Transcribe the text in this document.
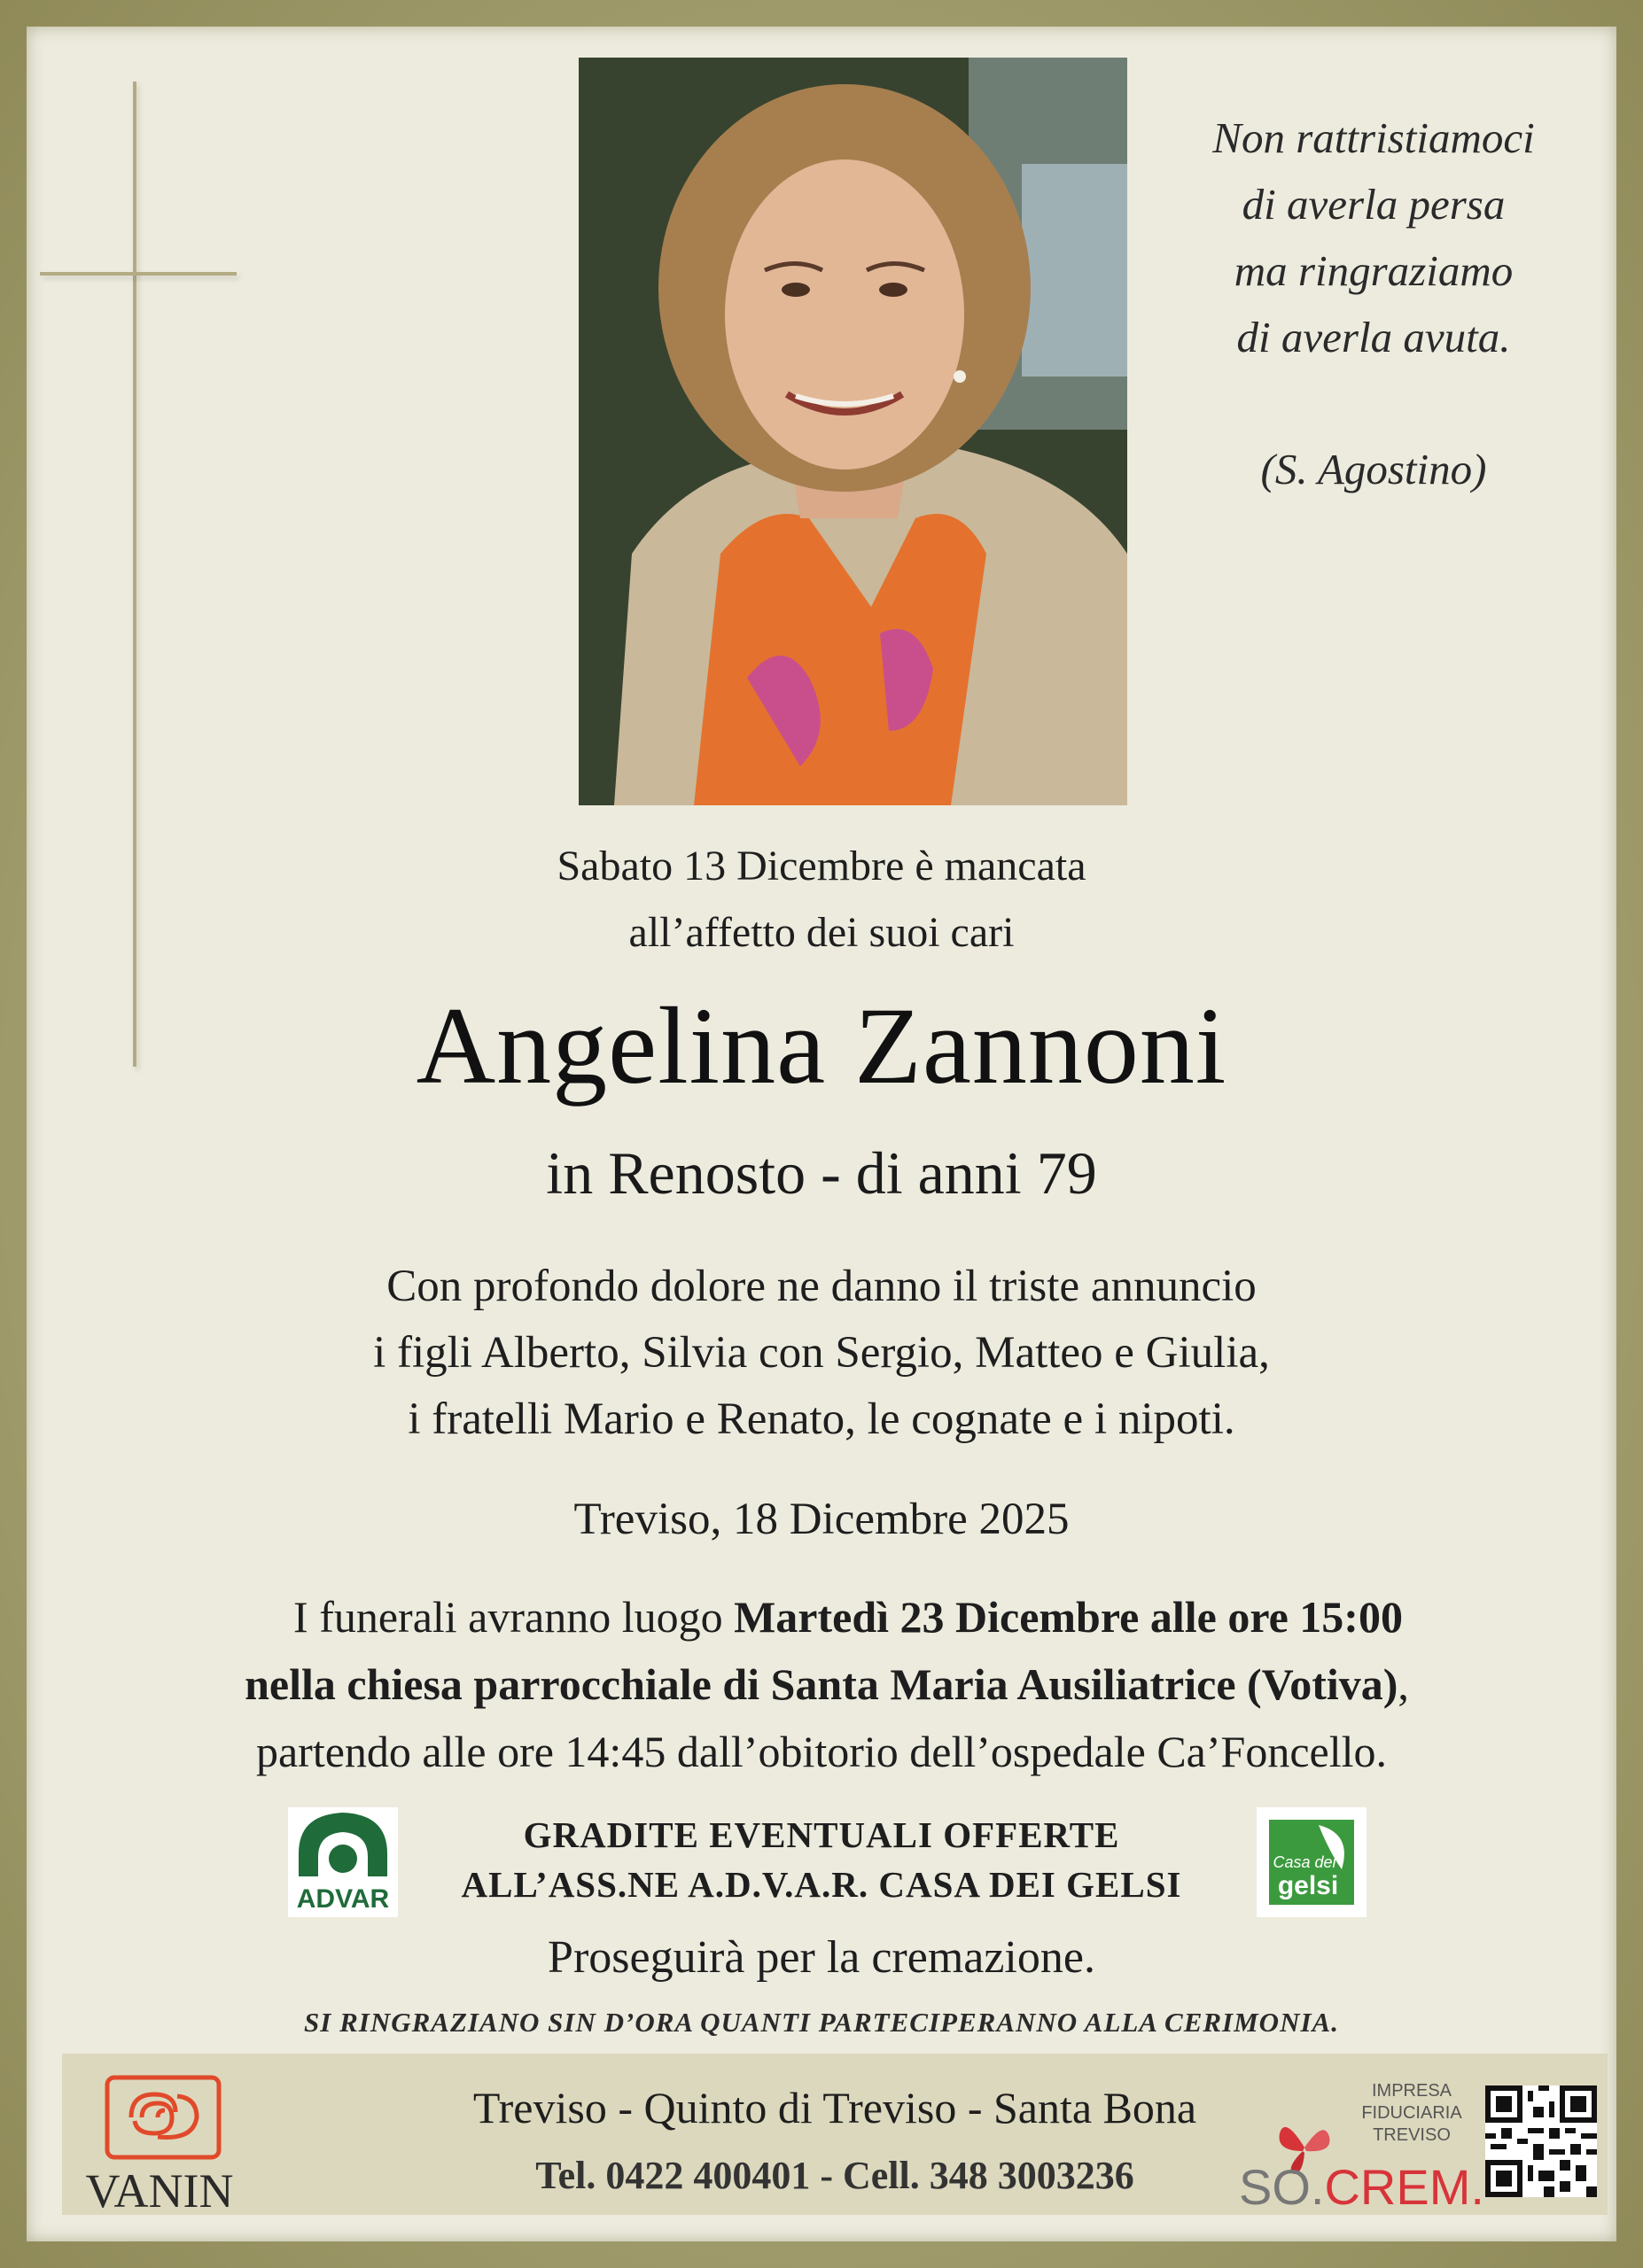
Non rattristiamoci
di averla persa
ma ringraziamo
di averla avuta.
(S. Agostino)
Sabato 13 Dicembre è mancata
all’affetto dei suoi cari
Angelina Zannoni
in Renosto - di anni 79
Con profondo dolore ne danno il triste annuncio
i figli Alberto, Silvia con Sergio, Matteo e Giulia,
i fratelli Mario e Renato, le cognate e i nipoti.
Treviso, 18 Dicembre 2025
I funerali avranno luogo Martedì 23 Dicembre alle ore 15:00
nella chiesa parrocchiale di Santa Maria Ausiliatrice (Votiva),
partendo alle ore 14:45 dall’obitorio dell’ospedale Ca’Foncello.
ADVAR
GRADITE EVENTUALI OFFERTE
ALL’ASS.NE A.D.V.A.R. CASA DEI GELSI
Casa dei
gelsi
Proseguirà per la cremazione.
SI RINGRAZIANO SIN D’ORA QUANTI PARTECIPERANNO ALLA CERIMONIA.
VANIN
Treviso - Quinto di Treviso - Santa Bona
Tel. 0422 400401 - Cell. 348 3003236
IMPRESA
FIDUCIARIA
TREVISO
SO.CREM.
